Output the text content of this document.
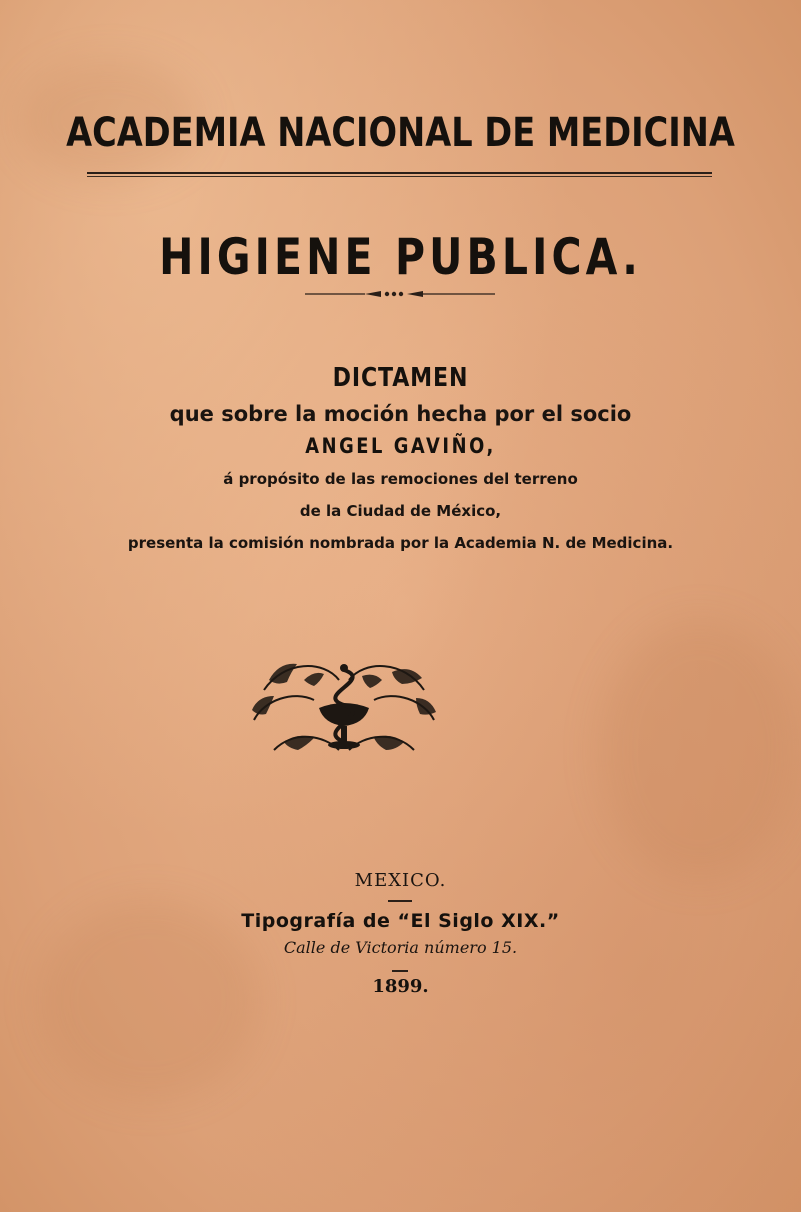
ACADEMIA NACIONAL DE MEDICINA
HIGIENE PUBLICA.
DICTAMEN
que sobre la moción hecha por el socio
ANGEL GAVIÑO,
á propósito de las remociones del terreno
de la Ciudad de México,
presenta la comisión nombrada por la Academia N. de Medicina.
MEXICO.
Tipografía de “El Siglo XIX.”
Calle de Victoria número 15.
1899.
